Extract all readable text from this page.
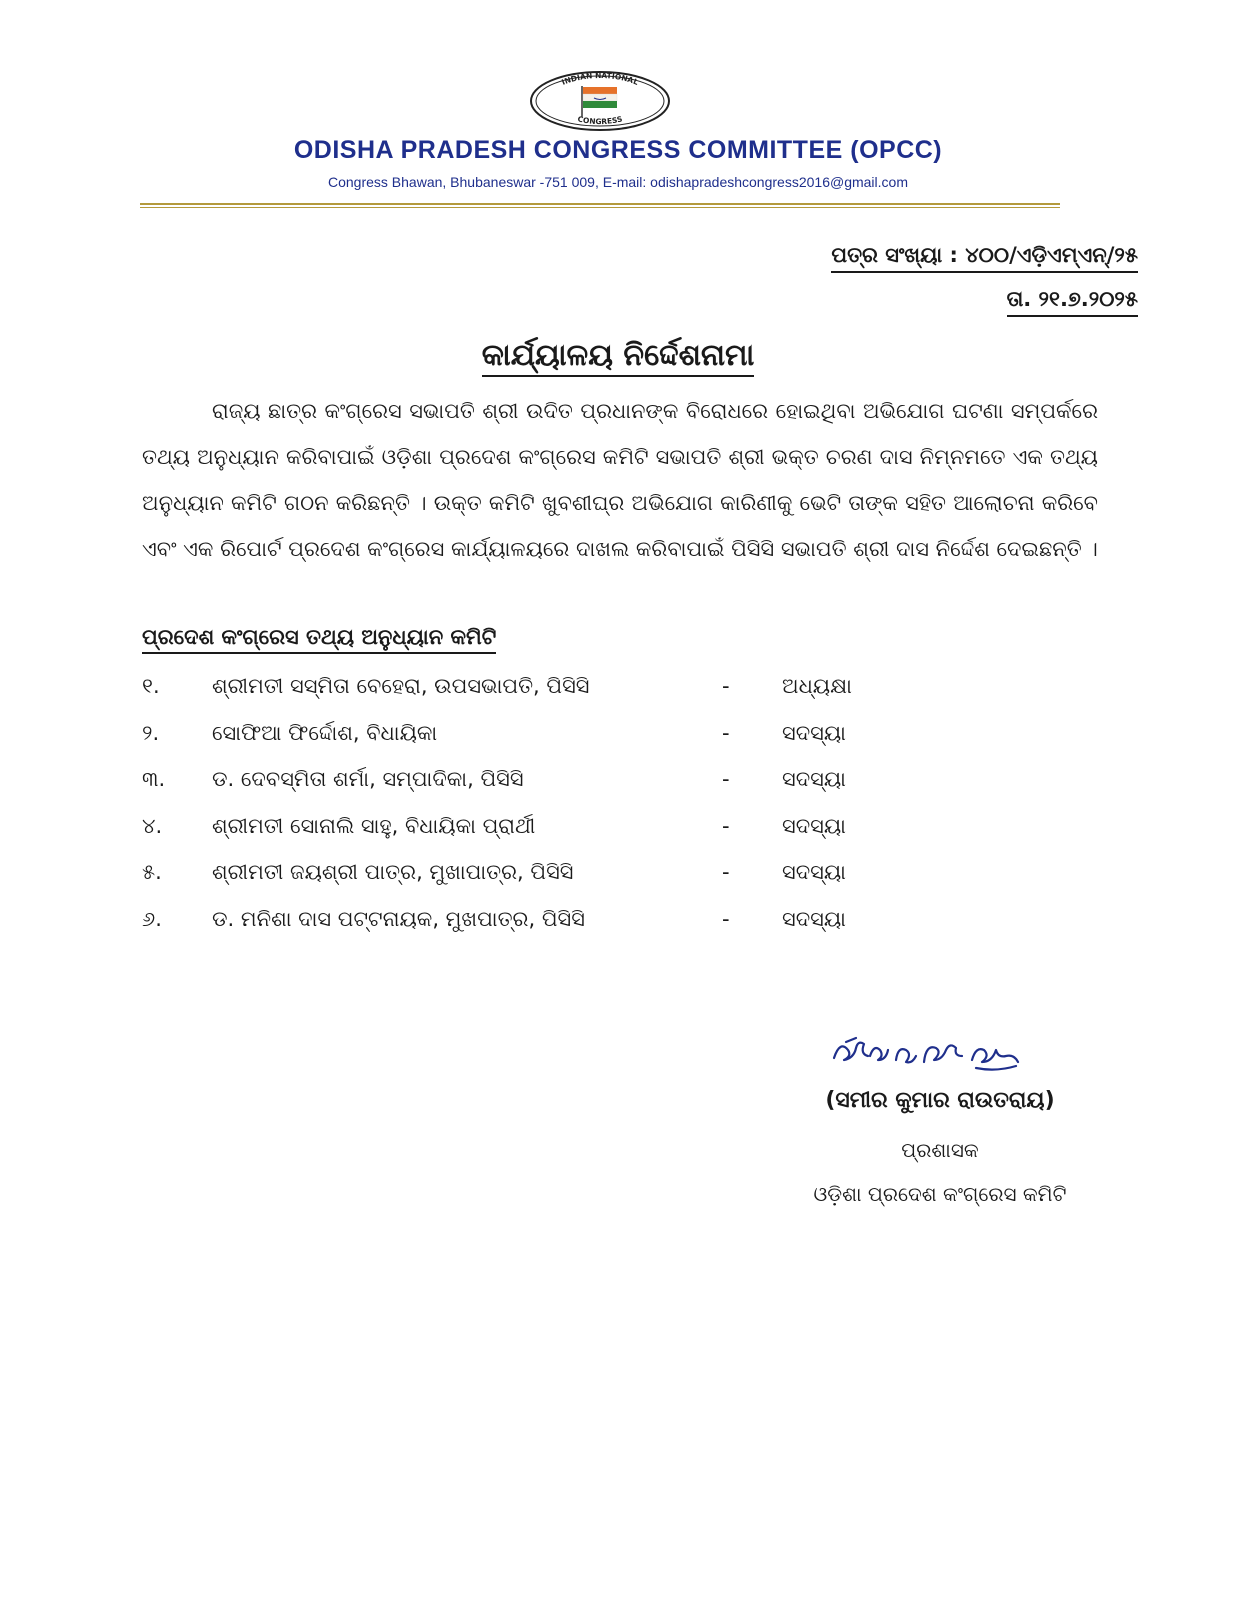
INDIAN NATIONAL
CONGRESS
ODISHA PRADESH CONGRESS COMMITTEE (OPCC)
Congress Bhawan, Bhubaneswar -751 009, E-mail: odishapradeshcongress2016@gmail.com
ପତ୍ର ସଂଖ୍ୟା : ୪୦୦/ଏଡ଼ିଏମ୍ଏନ୍/୨୫
ତା. ୨୧.୭.୨୦୨୫
କାର୍ଯ୍ୟାଳୟ ନିର୍ଦ୍ଦେଶନାମା

ରାଜ୍ୟ ଛାତ୍ର କଂଗ୍ରେସ ସଭାପତି ଶ୍ରୀ ଉଦିତ ପ୍ରଧାନଙ୍କ ବିରୋଧରେ ହୋଇଥିବା ଅଭିଯୋଗ ଘଟଣା ସମ୍ପର୍କରେ ତଥ୍ୟ ଅନୁଧ୍ୟାନ କରିବାପାଇଁ ଓଡ଼ିଶା ପ୍ରଦେଶ କଂଗ୍ରେସ କମିଟି ସଭାପତି ଶ୍ରୀ ଭକ୍ତ ଚରଣ ଦାସ ନିମ୍ନମତେ ଏକ ତଥ୍ୟ ଅନୁଧ୍ୟାନ କମିଟି ଗଠନ କରିଛନ୍ତି । ଉକ୍ତ କମିଟି ଖୁବଶୀଘ୍ର ଅଭିଯୋଗ କାରିଣୀକୁ ଭେଟି ତାଙ୍କ ସହିତ ଆଲୋଚନା କରିବେ ଏବଂ ଏକ ରିପୋର୍ଟ ପ୍ରଦେଶ କଂଗ୍ରେସ କାର୍ଯ୍ୟାଳୟରେ ଦାଖଲ କରିବାପାଇଁ ପିସିସି ସଭାପତି ଶ୍ରୀ ଦାସ ନିର୍ଦ୍ଦେଶ ଦେଇଛନ୍ତି ।

ପ୍ରଦେଶ କଂଗ୍ରେସ ତଥ୍ୟ ଅନୁଧ୍ୟାନ କମିଟି
୧. ଶ୍ରୀମତୀ ସସ୍ମିତା ବେହେରା, ଉପସଭାପତି, ପିସିସି	- ଅଧ୍ୟକ୍ଷା
୨.	ସୋଫିଆ ଫିର୍ଦ୍ଦୋଶ, ବିଧାୟିକା	- ସଦସ୍ୟା
୩. ଡ. ଦେବସ୍ମିତା ଶର୍ମା, ସମ୍ପାଦିକା, ପିସିସି	- ସଦସ୍ୟା
୪. ଶ୍ରୀମତୀ ସୋନାଲି ସାହୁ, ବିଧାୟିକା ପ୍ରାର୍ଥୀ	- ସଦସ୍ୟା
୫. ଶ୍ରୀମତୀ ଜୟଶ୍ରୀ ପାତ୍ର, ମୁଖାପାତ୍ର, ପିସିସି	- ସଦସ୍ୟା
୬. ଡ. ମନିଶା ଦାସ ପଟ୍ଟନାୟକ, ମୁଖପାତ୍ର, ପିସିସି	- ସଦସ୍ୟା
(ସମୀର କୁମାର ରାଉତରାୟ)
ପ୍ରଶାସକ
ଓଡ଼ିଶା ପ୍ରଦେଶ କଂଗ୍ରେସ କମିଟି
